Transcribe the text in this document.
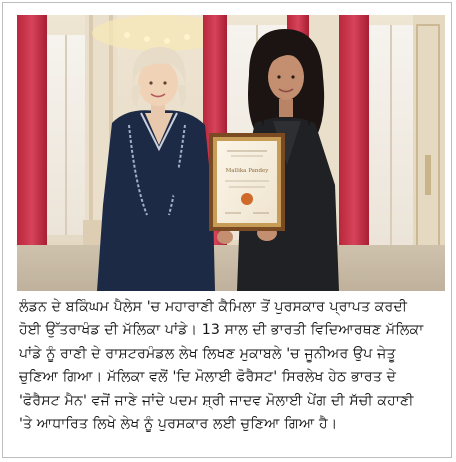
Mallika Pandey
ਲੰਡਨ ਦੇ ਬਕਿੰਘਮ ਪੈਲੇਸ 'ਚ ਮਹਾਰਾਣੀ ਕੈਮਿਲਾ ਤੋਂ ਪੁਰਸਕਾਰ ਪ੍ਰਾਪਤ ਕਰਦੀ
ਹੋਈ ਉੱਤਰਾਖੰਡ ਦੀ ਮੱਲਿਕਾ ਪਾਂਡੇ। 13 ਸਾਲ ਦੀ ਭਾਰਤੀ ਵਿਦਿਆਰਥਣ ਮੱਲਿਕਾ
ਪਾਂਡੇ ਨੂੰ ਰਾਣੀ ਦੇ ਰਾਸ਼ਟਰਮੰਡਲ ਲੇਖ ਲਿਖਣ ਮੁਕਾਬਲੇ 'ਚ ਜੂਨੀਅਰ ਉਪ ਜੇਤੂ
ਚੁਣਿਆ ਗਿਆ। ਮੱਲਿਕਾ ਵਲੋਂ 'ਦਿ ਮੋਲਾਈ ਫੋਰੈਸਟ' ਸਿਰਲੇਖ ਹੇਠ ਭਾਰਤ ਦੇ
'ਫੋਰੈਸਟ ਮੈਨ' ਵਜੋਂ ਜਾਣੇ ਜਾਂਦੇ ਪਦਮ ਸ਼੍ਰੀ ਜਾਦਵ ਮੋਲਾਈ ਪੇਂਗ ਦੀ ਸੱਚੀ ਕਹਾਣੀ
'ਤੇ ਆਧਾਰਿਤ ਲਿਖੇ ਲੇਖ ਨੂੰ ਪੁਰਸਕਾਰ ਲਈ ਚੁਣਿਆ ਗਿਆ ਹੈ।
